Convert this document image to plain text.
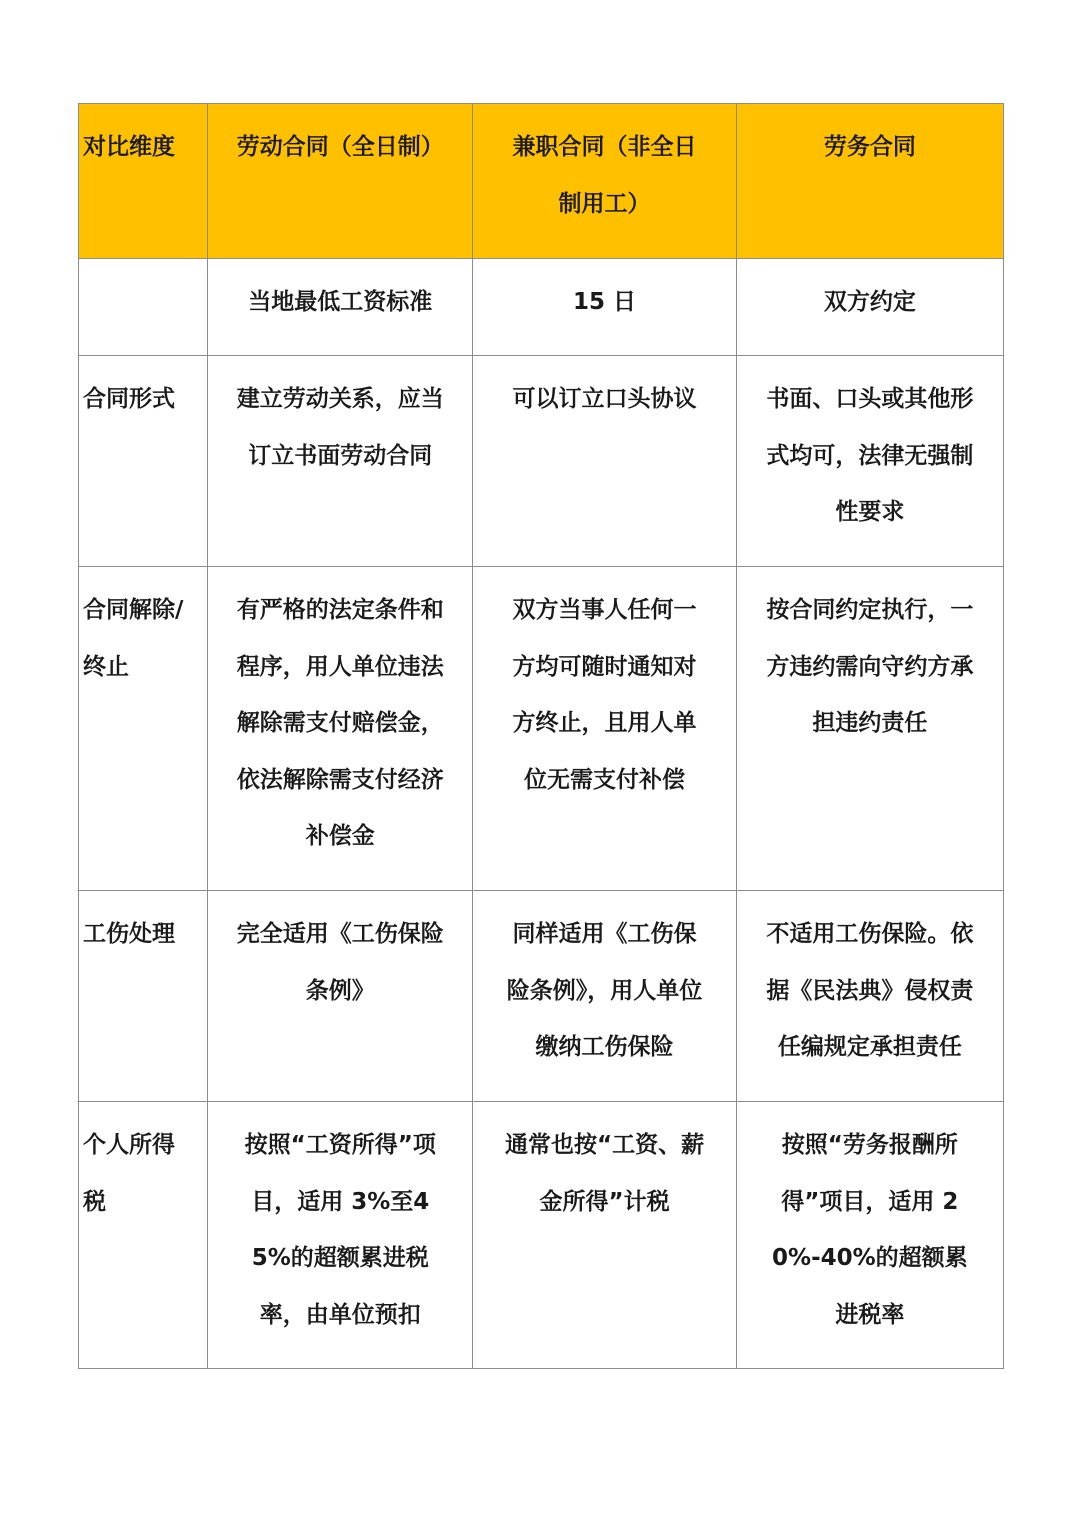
对比维度	劳动合同（全日制）	兼职合同（非全日制用工）	劳务合同

	当地最低工资标准	15 日	双方约定

合同形式	建立劳动关系，应当订立书面劳动合同	可以订立口头协议	书面、口头或其他形式均可，法律无强制性要求

合同解除/终止	有严格的法定条件和程序，用人单位违法解除需支付赔偿金，依法解除需支付经济补偿金	双方当事人任何一方均可随时通知对方终止，且用人单位无需支付补偿	按合同约定执行，一方违约需向守约方承担违约责任

工伤处理	完全适用《工伤保险条例》	同样适用《工伤保险条例》，用人单位缴纳工伤保险	不适用工伤保险。依据《民法典》侵权责任编规定承担责任

个人所得税	按照“工资所得”项目，适用 3%至45%的超额累进税率，由单位预扣	通常也按“工资、薪金所得”计税	按照“劳务报酬所得”项目，适用 20%-40%的超额累进税率
